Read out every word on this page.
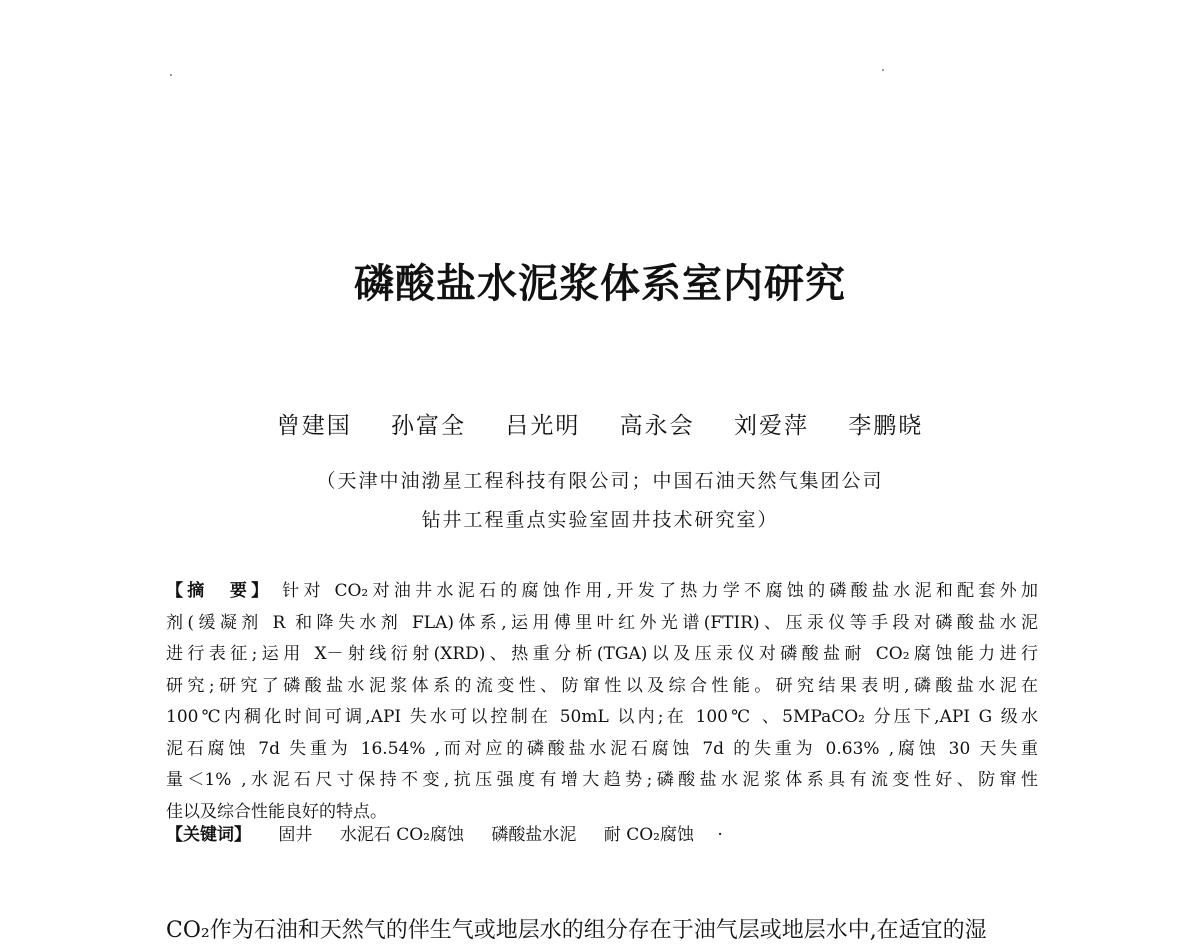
磷酸盐水泥浆体系室内研究
曾建国 孙富全 吕光明 高永会 刘爱萍 李鹏晓
（天津中油渤星工程科技有限公司；中国石油天然气集团公司
钻井工程重点实验室固井技术研究室）
【摘　要】 针对 CO₂对油井水泥石的腐蚀作用,开发了热力学不腐蚀的磷酸盐水泥和配套外加
剂(缓凝剂 R 和降失水剂 FLA)体系,运用傅里叶红外光谱(FTIR)、压汞仪等手段对磷酸盐水泥
进行表征;运用 X－射线衍射(XRD)、热重分析(TGA)以及压汞仪对磷酸盐耐 CO₂腐蚀能力进行
研究;研究了磷酸盐水泥浆体系的流变性、防窜性以及综合性能。研究结果表明,磷酸盐水泥在
100℃内稠化时间可调,API 失水可以控制在 50mL 以内;在 100℃ 、5MPaCO₂ 分压下,API G 级水
泥石腐蚀 7d 失重为 16.54% ,而对应的磷酸盐水泥石腐蚀 7d 的失重为 0.63% ,腐蚀 30 天失重
量＜1% ,水泥石尺寸保持不变,抗压强度有增大趋势;磷酸盐水泥浆体系具有流变性好、防窜性
佳以及综合性能良好的特点。
【关键词】 固井 水泥石 CO₂腐蚀 磷酸盐水泥 耐 CO₂腐蚀 ·
CO₂作为石油和天然气的伴生气或地层水的组分存在于油气层或地层水中,在适宜的湿
